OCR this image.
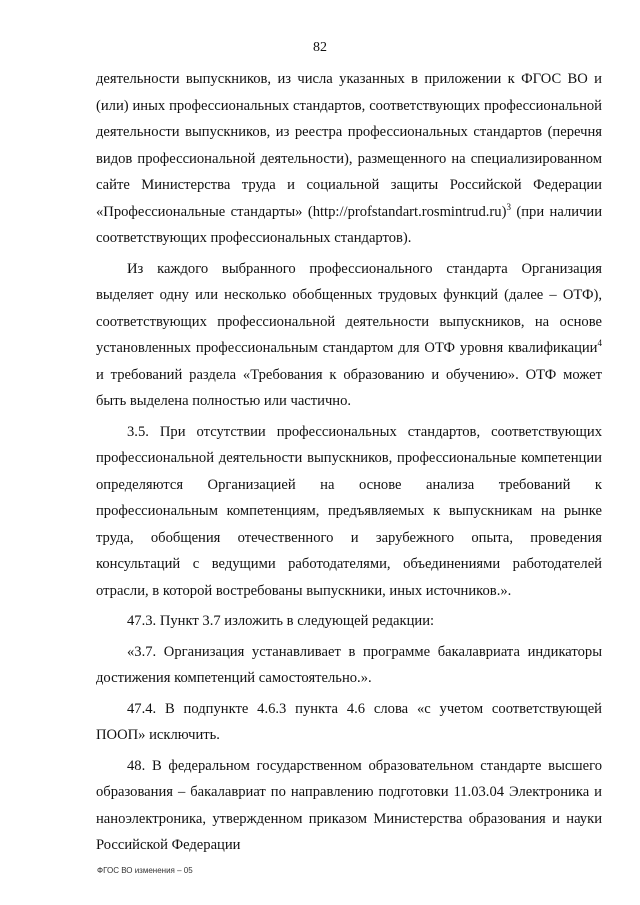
82

деятельности выпускников, из числа указанных в приложении к ФГОС ВО и (или) иных профессиональных стандартов, соответствующих профессиональной деятельности выпускников, из реестра профессиональных стандартов (перечня видов профессиональной деятельности), размещенного на специализированном сайте Министерства труда и социальной защиты Российской Федерации «Профессиональные стандарты» (http://profstandart.rosmintrud.ru)$^3$ (при наличии соответствующих профессиональных стандартов).

Из каждого выбранного профессионального стандарта Организация выделяет одну или несколько обобщенных трудовых функций (далее – ОТФ), соответствующих профессиональной деятельности выпускников, на основе установленных профессиональным стандартом для ОТФ уровня квалификации$^4$ и требований раздела «Требования к образованию и обучению». ОТФ может быть выделена полностью или частично.

3.5. При отсутствии профессиональных стандартов, соответствующих профессиональной деятельности выпускников, профессиональные компетенции определяются Организацией на основе анализа требований к профессиональным компетенциям, предъявляемых к выпускникам на рынке труда, обобщения отечественного и зарубежного опыта, проведения консультаций с ведущими работодателями, объединениями работодателей отрасли, в которой востребованы выпускники, иных источников.».

47.3. Пункт 3.7 изложить в следующей редакции:

«3.7. Организация устанавливает в программе бакалавриата индикаторы достижения компетенций самостоятельно.».

47.4. В подпункте 4.6.3 пункта 4.6 слова «с учетом соответствующей ПООП» исключить.

48. В федеральном государственном образовательном стандарте высшего образования – бакалавриат по направлению подготовки 11.03.04 Электроника и наноэлектроника, утвержденном приказом Министерства образования и науки Российской Федерации

ФГОС ВО изменения – 05
